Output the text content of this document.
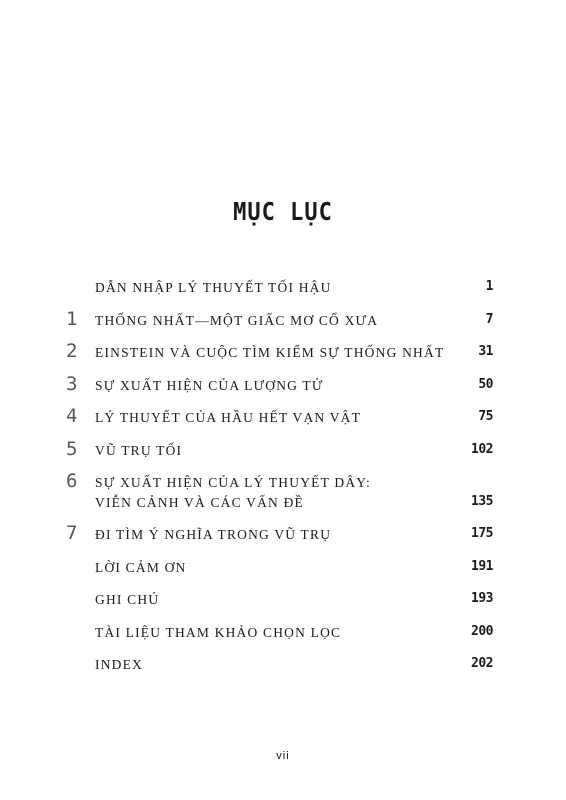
MỤC LỤC
DẪN NHẬP LÝ THUYẾT TỐI HẬU	1
1 THỐNG NHẤT—MỘT GIẤC MƠ CỔ XƯA	7
2 EINSTEIN VÀ CUỘC TÌM KIẾM SỰ THỐNG NHẤT	31
3 SỰ XUẤT HIỆN CỦA LƯỢNG TỬ	50
4 LÝ THUYẾT CỦA HẦU HẾT VẠN VẬT	75
5 VŨ TRỤ TỐI	102
6 SỰ XUẤT HIỆN CỦA LÝ THUYẾT DÂY:
VIỄN CẢNH VÀ CÁC VẤN ĐỀ	135
7 ĐI TÌM Ý NGHĨA TRONG VŨ TRỤ	175
LỜI CẢM ƠN	191
GHI CHÚ	193
TÀI LIỆU THAM KHẢO CHỌN LỌC	200
INDEX	202
vii
